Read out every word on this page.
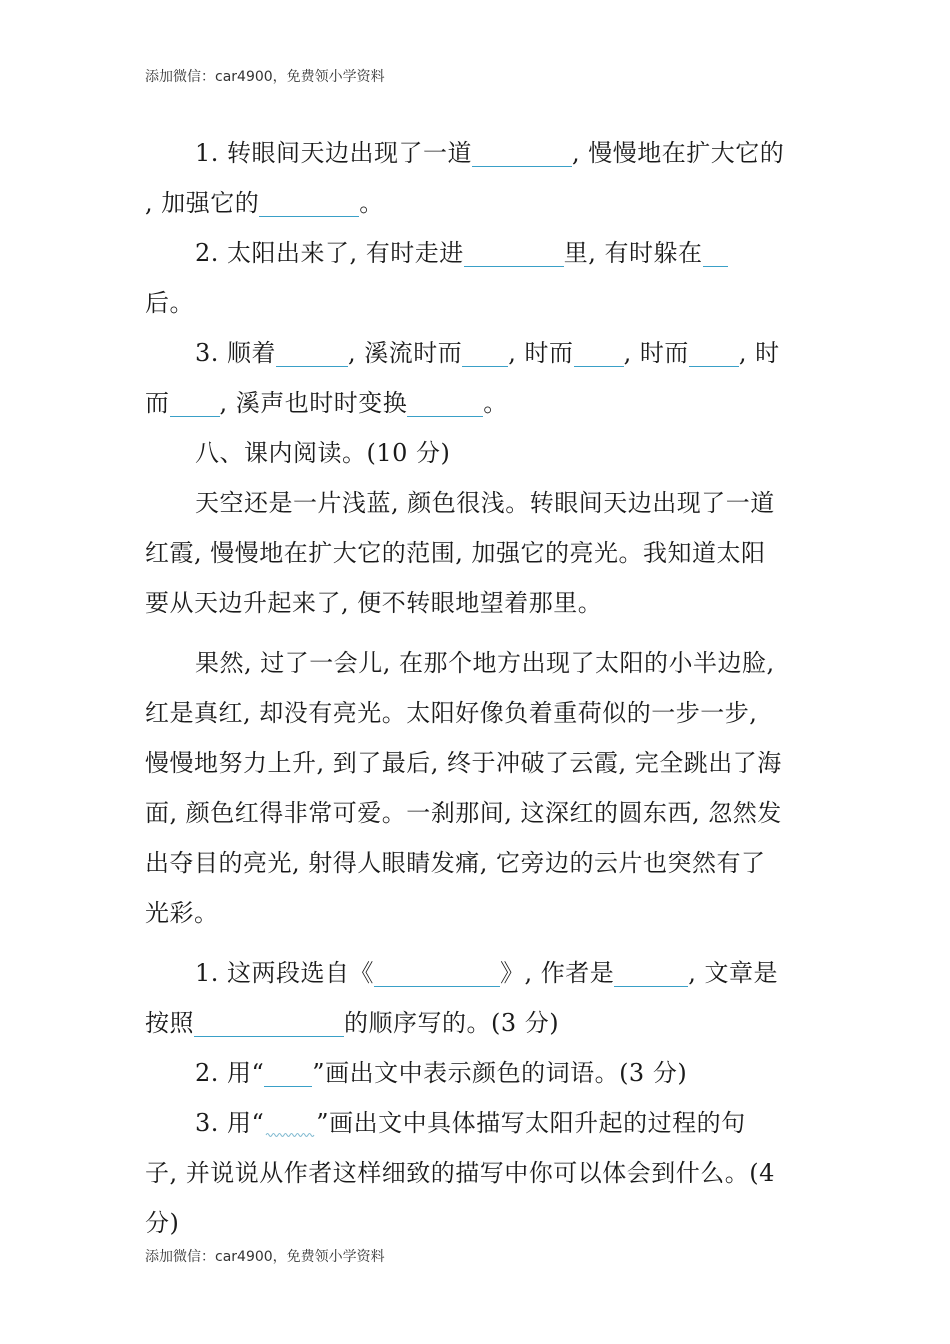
添加微信：car4900，免费领小学资料
1. 转眼间天边出现了一道	, 慢慢地在扩大它的
, 加强它的	。
2. 太阳出来了, 有时走进	里, 有时躲在
后。
3. 顺着	, 溪流时而 , 时而 , 时而 , 时
而 , 溪声也时时变换	。
八、课内阅读。(10 分)
天空还是一片浅蓝, 颜色很浅。转眼间天边出现了一道
红霞, 慢慢地在扩大它的范围, 加强它的亮光。我知道太阳
要从天边升起来了, 便不转眼地望着那里。
果然, 过了一会儿, 在那个地方出现了太阳的小半边脸,
红是真红, 却没有亮光。太阳好像负着重荷似的一步一步,
慢慢地努力上升, 到了最后, 终于冲破了云霞, 完全跳出了海
面, 颜色红得非常可爱。一刹那间, 这深红的圆东西, 忽然发
出夺目的亮光, 射得人眼睛发痛, 它旁边的云片也突然有了
光彩。
1. 这两段选自《	》, 作者是	, 文章是
按照	的顺序写的。(3 分)
2. 用“ ”画出文中表示颜色的词语。(3 分)
3. 用“ ”画出文中具体描写太阳升起的过程的句
子, 并说说从作者这样细致的描写中你可以体会到什么。(4
分)
添加微信：car4900，免费领小学资料
